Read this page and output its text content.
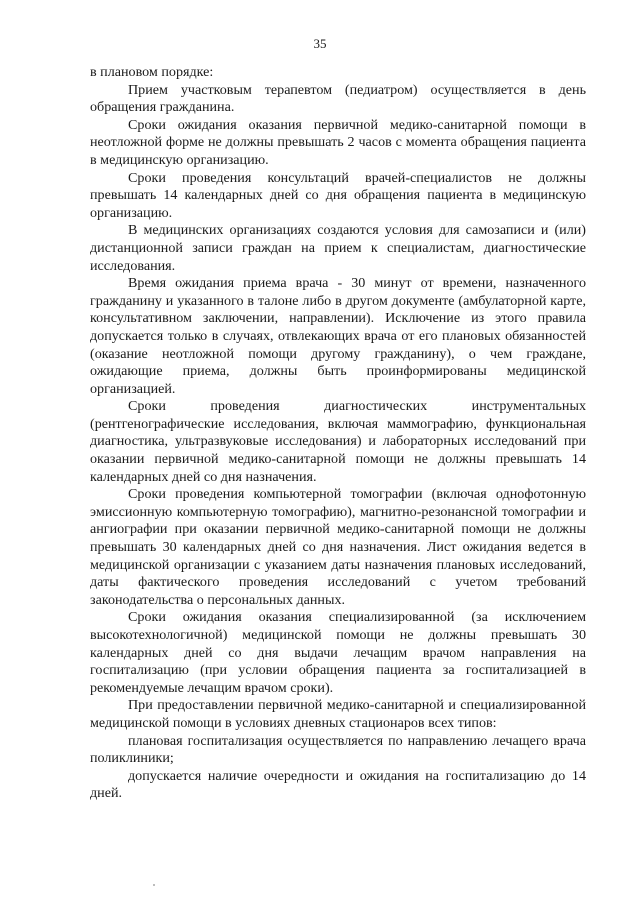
35

в плановом порядке:

Прием участковым терапевтом (педиатром) осуществляется в день обращения гражданина.

Сроки ожидания оказания первичной медико-санитарной помощи в неотложной форме не должны превышать 2 часов с момента обращения пациента в медицинскую организацию.

Сроки проведения консультаций врачей-специалистов не должны превышать 14 календарных дней со дня обращения пациента в медицинскую организацию.

В медицинских организациях создаются условия для самозаписи и (или) дистанционной записи граждан на прием к специалистам, диагностические исследования.

Время ожидания приема врача - 30 минут от времени, назначенного гражданину и указанного в талоне либо в другом документе (амбулаторной карте, консультативном заключении, направлении). Исключение из этого правила допускается только в случаях, отвлекающих врача от его плановых обязанностей (оказание неотложной помощи другому гражданину), о чем граждане, ожидающие приема, должны быть проинформированы медицинской организацией.

Сроки проведения диагностических инструментальных (рентгенографические исследования, включая маммографию, функциональная диагностика, ультразвуковые исследования) и лабораторных исследований при оказании первичной медико-санитарной помощи не должны превышать 14 календарных дней со дня назначения.

Сроки проведения компьютерной томографии (включая однофотонную эмиссионную компьютерную томографию), магнитно-резонансной томографии и ангиографии при оказании первичной медико-санитарной помощи не должны превышать 30 календарных дней со дня назначения. Лист ожидания ведется в медицинской организации с указанием даты назначения плановых исследований, даты фактического проведения исследований с учетом требований законодательства о персональных данных.

Сроки ожидания оказания специализированной (за исключением высокотехнологичной) медицинской помощи не должны превышать 30 календарных дней со дня выдачи лечащим врачом направления на госпитализацию (при условии обращения пациента за госпитализацией в рекомендуемые лечащим врачом сроки).

При предоставлении первичной медико-санитарной и специализированной медицинской помощи в условиях дневных стационаров всех типов:

плановая госпитализация осуществляется по направлению лечащего врача поликлиники;

допускается наличие очередности и ожидания на госпитализацию до 14 дней.
